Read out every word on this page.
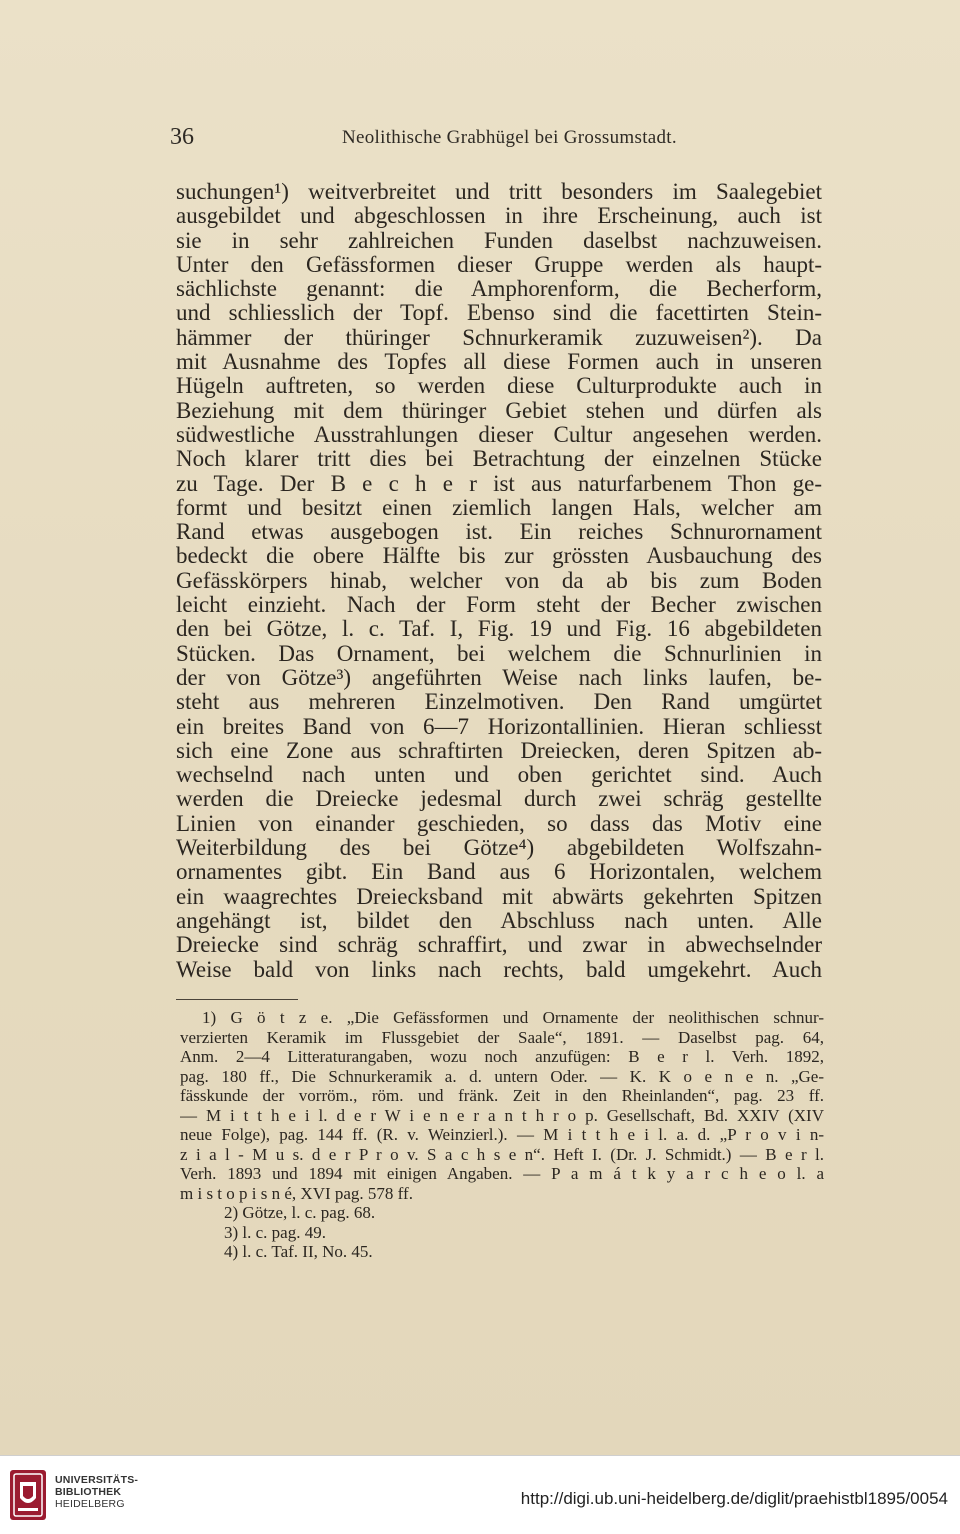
36	Neolithische Grabhügel bei Grossumstadt.
suchungen¹) weitverbreitet und tritt besonders im Saalegebiet
ausgebildet und abgeschlossen in ihre Erscheinung, auch ist
sie in sehr zahlreichen Funden daselbst nachzuweisen.
Unter den Gefässformen dieser Gruppe werden als haupt-
sächlichste genannt: die Amphorenform, die Becherform,
und schliesslich der Topf. Ebenso sind die facettirten Stein-
hämmer der thüringer Schnurkeramik zuzuweisen²). Da
mit Ausnahme des Topfes all diese Formen auch in unseren
Hügeln auftreten, so werden diese Culturprodukte auch in
Beziehung mit dem thüringer Gebiet stehen und dürfen als
südwestliche Ausstrahlungen dieser Cultur angesehen werden.
Noch klarer tritt dies bei Betrachtung der einzelnen Stücke
zu Tage. Der B e c h e r ist aus naturfarbenem Thon ge-
formt und besitzt einen ziemlich langen Hals, welcher am
Rand etwas ausgebogen ist. Ein reiches Schnurornament
bedeckt die obere Hälfte bis zur grössten Ausbauchung des
Gefässkörpers hinab, welcher von da ab bis zum Boden
leicht einzieht. Nach der Form steht der Becher zwischen
den bei Götze, l. c. Taf. I, Fig. 19 und Fig. 16 abgebildeten
Stücken. Das Ornament, bei welchem die Schnurlinien in
der von Götze³) angeführten Weise nach links laufen, be-
steht aus mehreren Einzelmotiven. Den Rand umgürtet
ein breites Band von 6—7 Horizontallinien. Hieran schliesst
sich eine Zone aus schraftirten Dreiecken, deren Spitzen ab-
wechselnd nach unten und oben gerichtet sind. Auch
werden die Dreiecke jedesmal durch zwei schräg gestellte
Linien von einander geschieden, so dass das Motiv eine
Weiterbildung des bei Götze⁴) abgebildeten Wolfszahn-
ornamentes gibt. Ein Band aus 6 Horizontalen, welchem
ein waagrechtes Dreiecksband mit abwärts gekehrten Spitzen
angehängt ist, bildet den Abschluss nach unten. Alle
Dreiecke sind schräg schraffirt, und zwar in abwechselnder
Weise bald von links nach rechts, bald umgekehrt. Auch
1) G ö t z e. „Die Gefässformen und Ornamente der neolithischen schnur-
verzierten Keramik im Flussgebiet der Saale“, 1891. — Daselbst pag. 64,
Anm. 2—4 Litteraturangaben, wozu noch anzufügen: B e r l. Verh. 1892,
pag. 180 ff., Die Schnurkeramik a. d. untern Oder. — K. K o e n e n. „Ge-
fässkunde der vorröm., röm. und fränk. Zeit in den Rheinlanden“, pag. 23 ff.
— M i t t h e i l. d e r W i e n e r a n t h r o p. Gesellschaft, Bd. XXIV (XIV
neue Folge), pag. 144 ff. (R. v. Weinzierl.). — M i t t h e i l. a. d. „P r o v i n-
z i a l - M u s. d e r P r o v. S a c h s e n“. Heft I. (Dr. J. Schmidt.) — B e r l.
Verh. 1893 und 1894 mit einigen Angaben. — P a m á t k y a r c h e o l. a
m i s t o p i s n é, XVI pag. 578 ff.
2) Götze, l. c. pag. 68.
3) l. c. pag. 49.
4) l. c. Taf. II, No. 45.
UNIVERSITÄTS-
BIBLIOTHEK
HEIDELBERG	http://digi.ub.uni-heidelberg.de/diglit/praehistbl1895/0054
